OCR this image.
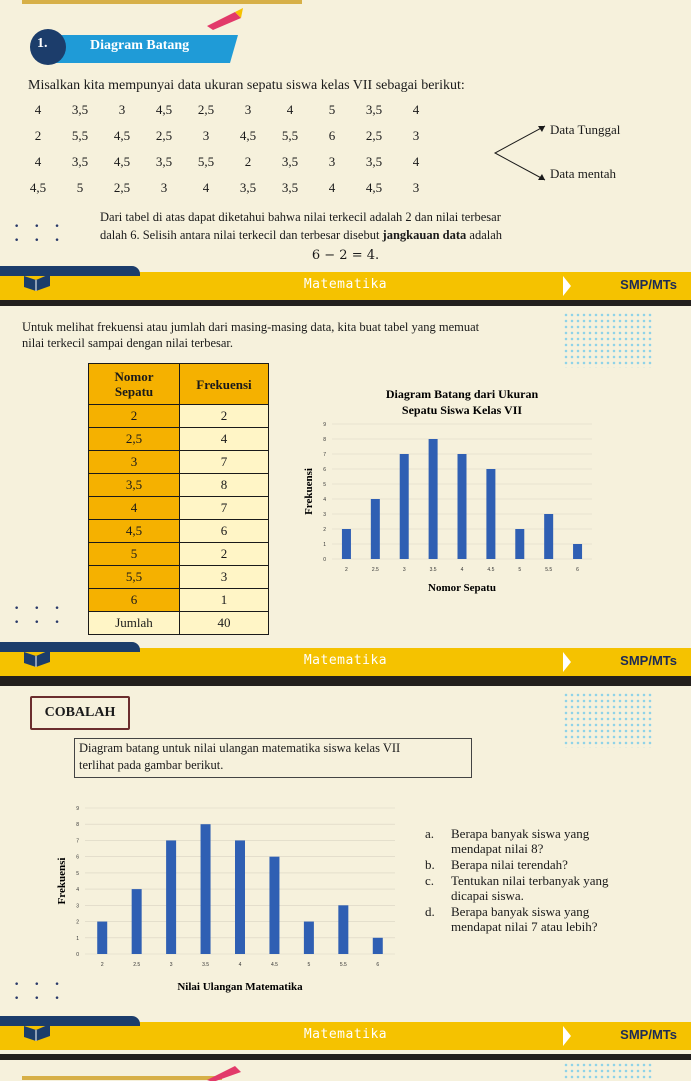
1.	Diagram Batang
Misalkan kita mempunyai data ukuran sepatu siswa kelas VII sebagai berikut:
4	3,5	3	4,5	2,5	3	4	5	3,5	4
2	5,5	4,5	2,5	3	4,5	5,5	6	2,5	3
4	3,5	4,5	3,5	5,5	2	3,5	3	3,5	4
4,5	5	2,5	3	4	3,5	3,5	4	4,5	3
Data Tunggal
Data mentah
• • •
• • •
Dari tabel di atas dapat diketahui bahwa nilai terkecil adalah 2 dan nilai terbesar
dalah 6. Selisih antara nilai terkecil dan terbesar disebut jangkauan data adalah
6 − 2 = 4.
Matematika	SMP/MTs
Untuk melihat frekuensi atau jumlah dari masing-masing data, kita buat tabel yang memuat
nilai terkecil sampai dengan nilai terbesar.
Nomor
Sepatu	Frekuensi
2	2
2,5	4
3	7
3,5	8
4	7
4,5	6
5	2
5,5	3
6	1
Jumlah	40
Diagram Batang dari Ukuran
Sepatu Siswa Kelas VII
0
1
2
3
4
5
6
7
8
9
2	2.5	3	3.5	4	4.5	5	5.5	6
Nomor Sepatu
Frekuensi
• • •
• • •
Matematika	SMP/MTs
COBALAH
Diagram batang untuk nilai ulangan matematika siswa kelas VII
terlihat pada gambar berikut.
0
1
2
3
4
5
6
7
8
9
2	2.5	3	3.5	4	4.5	5	5.5	6
Nilai Ulangan Matematika
Frekuensi
a. Berapa banyak siswa yang
mendapat nilai 8?
b. Berapa nilai terendah?
c. Tentukan nilai terbanyak yang
dicapai siswa.
d. Berapa banyak siswa yang
mendapat nilai 7 atau lebih?
• • •
• • •
Matematika	SMP/MTs
